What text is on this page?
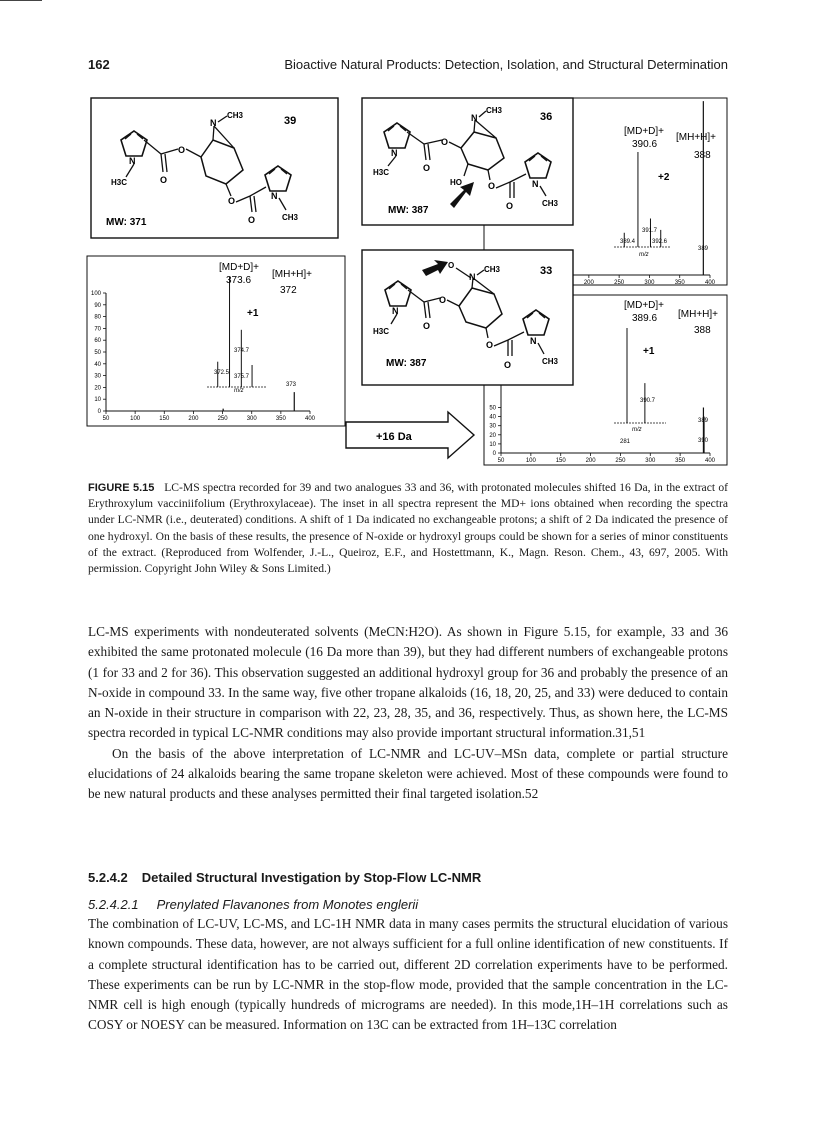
162	Bioactive Natural Products: Detection, Isolation, and Structural Determination
39
N
H3C	O
O
N
CH3
O
O
N
CH3
MW: 371
[MD+D]+
373.6
[MH+H]+
372
+1
50	100	150	200	250	300	350	400
0
10
20
30
40
50
60
70
80
90
100
374.7
372.5
375.7
373
m/z
[MD+D]+
390.6
[MH+H]+
388
+2
200	250	300	350	400
391.7
389.4	392.6
389
m/z
[MD+D]+
389.6 [MH+H]+
388
+1
50	100	150	200	250	300	350	400
0
10
20
30
40
50
390.7
281
389
390
m/z
36
N
H3C	O
O
N
CH3
HO	O
O
N
CH3
MW: 387
33
O
N
H3C
O
O
N
CH3
O
O
N
CH3
MW: 387
+16 Da
FIGURE 5.15 LC-MS spectra recorded for 39 and two analogues 33 and 36, with protonated molecules shifted 16 Da, in the extract of Erythroxylum vacciniifolium (Erythroxylaceae). The inset in all spectra represent the MD+ ions obtained when recording the spectra under LC-NMR (i.e., deuterated) conditions. A shift of 1 Da indicated no exchangeable protons; a shift of 2 Da indicated the presence of one hydroxyl. On the basis of these results, the presence of N-oxide or hydroxyl groups could be shown for a series of minor constituents of the extract. (Reproduced from Wolfender, J.-L., Queiroz, E.F., and Hostettmann, K., Magn. Reson. Chem., 43, 697, 2005. With permission. Copyright John Wiley & Sons Limited.)

LC-MS experiments with nondeuterated solvents (MeCN:H2O). As shown in Figure 5.15, for example, 33 and 36 exhibited the same protonated molecule (16 Da more than 39), but they had different numbers of exchangeable protons (1 for 33 and 2 for 36). This observation suggested an additional hydroxyl group for 36 and probably the presence of an N-oxide in compound 33. In the same way, five other tropane alkaloids (16, 18, 20, 25, and 33) were deduced to contain an N-oxide in their structure in comparison with 22, 23, 28, 35, and 36, respectively. Thus, as shown here, the LC-MS spectra recorded in typical LC-NMR conditions may also provide important structural information.31,51

On the basis of the above interpretation of LC-NMR and LC-UV–MSn data, complete or partial structure elucidations of 24 alkaloids bearing the same tropane skeleton were achieved. Most of these compounds were found to be new natural products and these analyses permitted their final targeted isolation.52

5.2.4.2 Detailed Structural Investigation by Stop-Flow LC-NMR
5.2.4.2.1 Prenylated Flavanones from Monotes englerii

The combination of LC-UV, LC-MS, and LC-1H NMR data in many cases permits the structural elucidation of various known compounds. These data, however, are not always sufficient for a full online identification of new constituents. If a complete structural identification has to be carried out, different 2D correlation experiments have to be performed. These experiments can be run by LC-NMR in the stop-flow mode, provided that the sample concentration in the LC-NMR cell is high enough (typically hundreds of micrograms are needed). In this mode,1H–1H correlations such as COSY or NOESY can be measured. Information on 13C can be extracted from 1H–13C correlation
